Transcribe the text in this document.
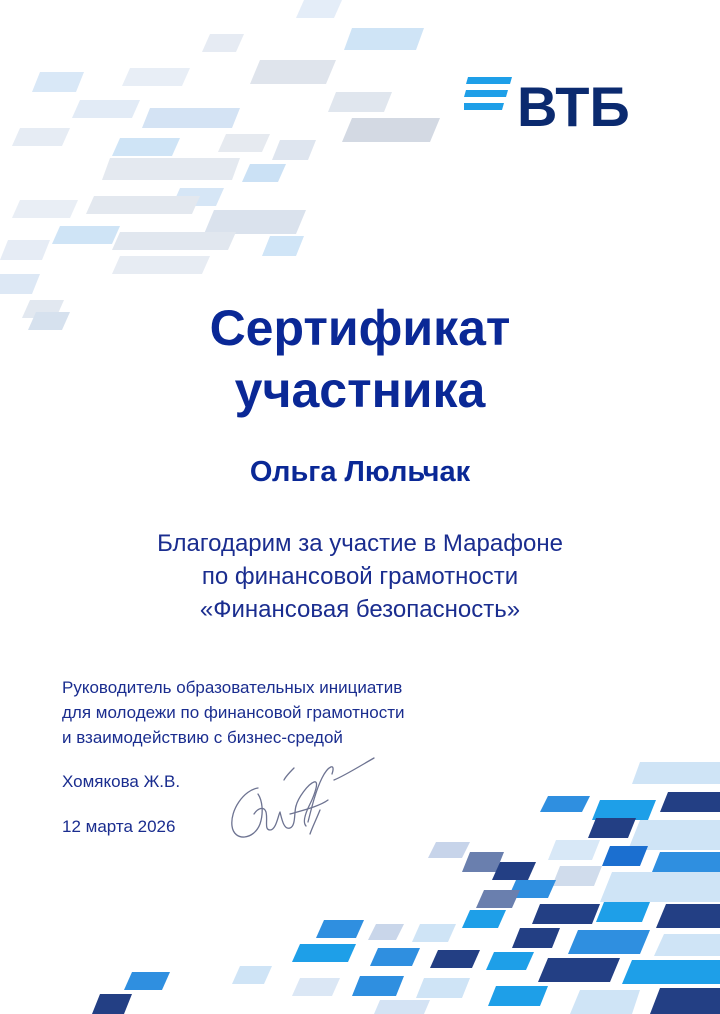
ВТБ
Сертификат
участника
Ольга Люльчак
Благодарим за участие в Марафоне
по финансовой грамотности
«Финансовая безопасность»
Руководитель образовательных инициатив
для молодежи по финансовой грамотности
и взаимодействию с бизнес-средой
Хомякова Ж.В.
12 марта 2026
